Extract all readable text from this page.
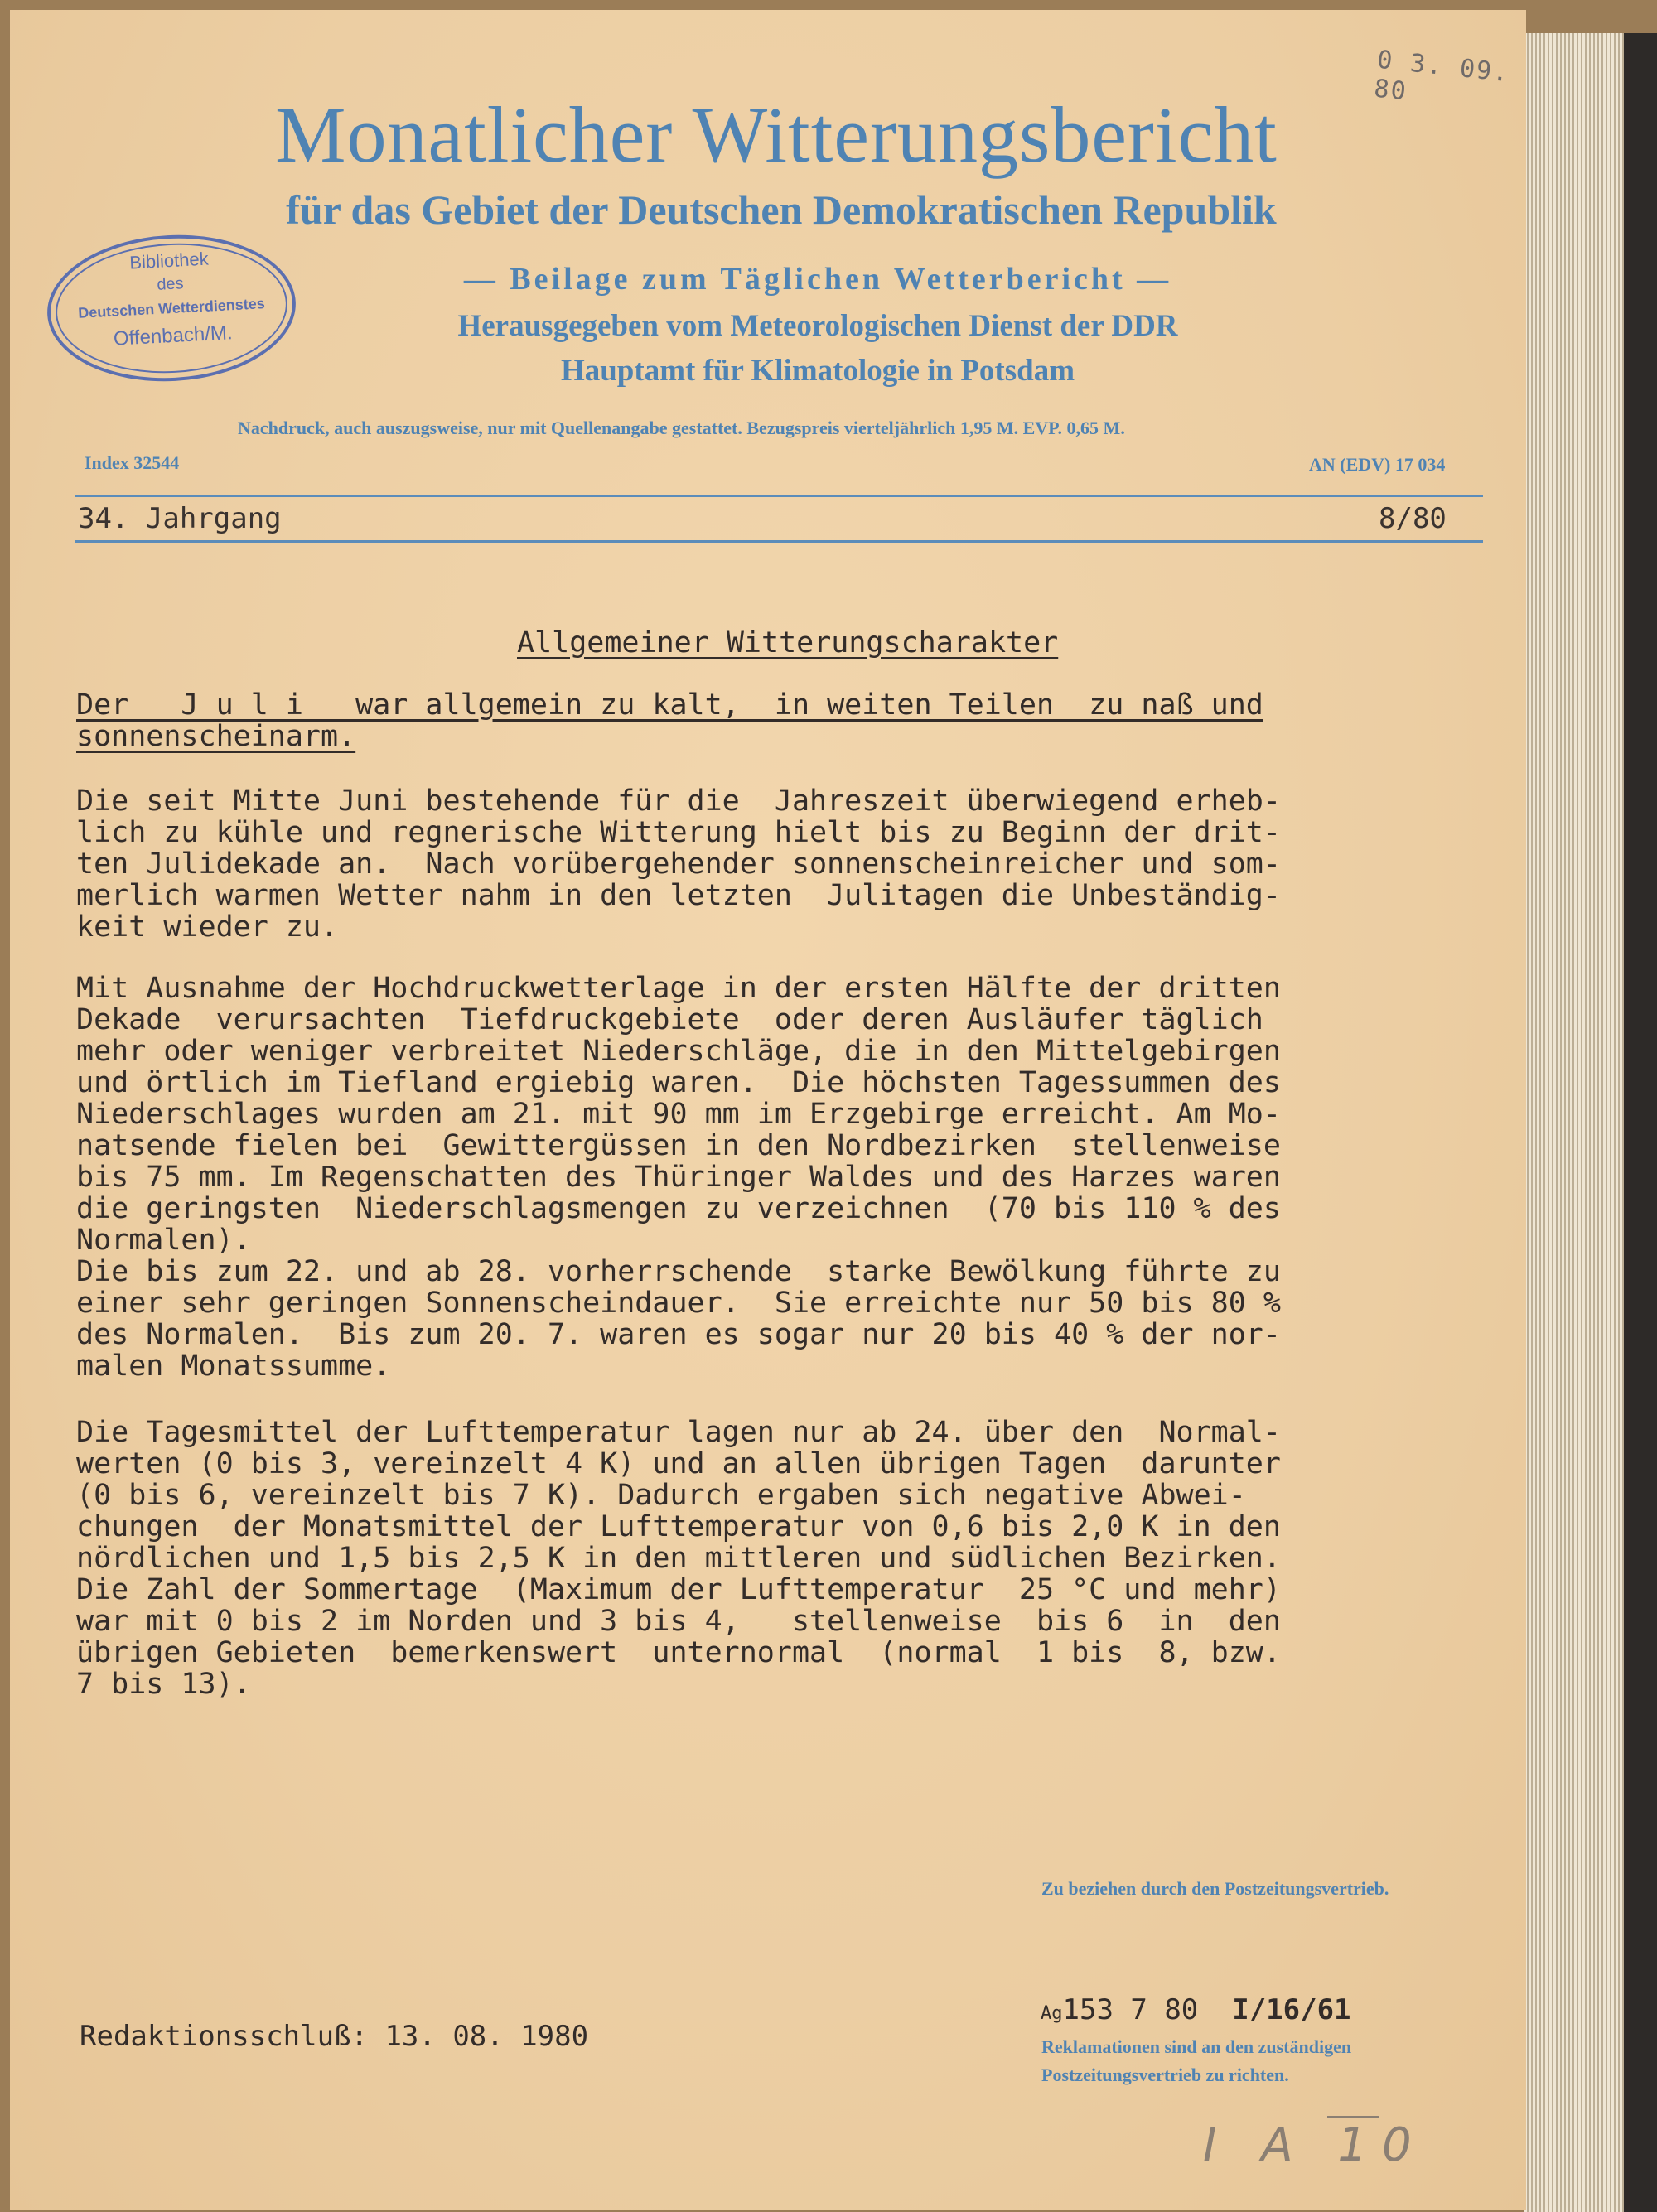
0 3. 09. 80
Monatlicher Witterungsbericht
für das Gebiet der Deutschen Demokratischen Republik
Bibliothek
des
Deutschen Wetterdienstes
Offenbach/M.
— Beilage zum Täglichen Wetterbericht —
Herausgegeben vom Meteorologischen Dienst der DDR
Hauptamt für Klimatologie in Potsdam
Nachdruck, auch auszugsweise, nur mit Quellenangabe gestattet. Bezugspreis vierteljährlich 1,95 M. EVP. 0,65 M.
Index 32544	AN (EDV) 17 034
34. Jahrgang	8/80
Allgemeiner Witterungscharakter
Der   J u l i   war allgemein zu kalt,  in weiten Teilen  zu naß und
sonnenscheinarm.
Die seit Mitte Juni bestehende für die  Jahreszeit überwiegend erheb-
lich zu kühle und regnerische Witterung hielt bis zu Beginn der drit-
ten Julidekade an.  Nach vorübergehender sonnenscheinreicher und som-
merlich warmen Wetter nahm in den letzten  Julitagen die Unbeständig-
keit wieder zu.
Mit Ausnahme der Hochdruckwetterlage in der ersten Hälfte der dritten
Dekade  verursachten  Tiefdruckgebiete  oder deren Ausläufer täglich
mehr oder weniger verbreitet Niederschläge, die in den Mittelgebirgen
und örtlich im Tiefland ergiebig waren.  Die höchsten Tagessummen des
Niederschlages wurden am 21. mit 90 mm im Erzgebirge erreicht. Am Mo-
natsende fielen bei  Gewittergüssen in den Nordbezirken  stellenweise
bis 75 mm. Im Regenschatten des Thüringer Waldes und des Harzes waren
die geringsten  Niederschlagsmengen zu verzeichnen  (70 bis 110 % des
Normalen).
Die bis zum 22. und ab 28. vorherrschende  starke Bewölkung führte zu
einer sehr geringen Sonnenscheindauer.  Sie erreichte nur 50 bis 80 %
des Normalen.  Bis zum 20. 7. waren es sogar nur 20 bis 40 % der nor-
malen Monatssumme.
Die Tagesmittel der Lufttemperatur lagen nur ab 24. über den  Normal-
werten (0 bis 3, vereinzelt 4 K) und an allen übrigen Tagen  darunter
(0 bis 6, vereinzelt bis 7 K). Dadurch ergaben sich negative Abwei-
chungen  der Monatsmittel der Lufttemperatur von 0,6 bis 2,0 K in den
nördlichen und 1,5 bis 2,5 K in den mittleren und südlichen Bezirken.
Die Zahl der Sommertage  (Maximum der Lufttemperatur  25 °C und mehr)
war mit 0 bis 2 im Norden und 3 bis 4,   stellenweise  bis 6  in  den
übrigen Gebieten  bemerkenswert  unternormal  (normal  1 bis  8, bzw.
7 bis 13).
Zu beziehen durch den Postzeitungsvertrieb.
Redaktionsschluß: 13. 08. 1980
Ag153 7 80 I/16/61
Reklamationen sind an den zuständigen
Postzeitungsvertrieb zu richten.
I A 10
